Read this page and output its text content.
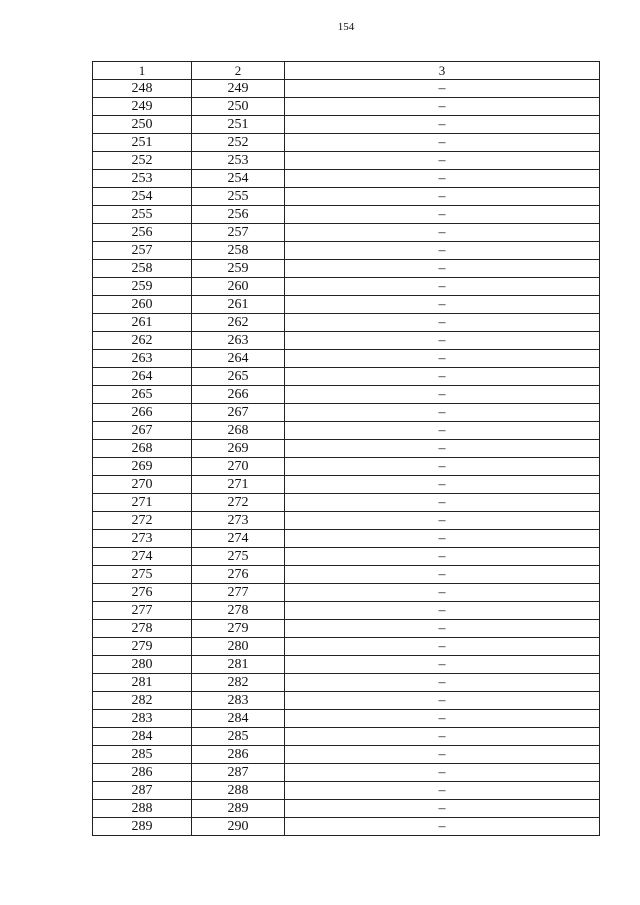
154
1	2	3
248	249	–
249	250	–
250	251	–
251	252	–
252	253	–
253	254	–
254	255	–
255	256	–
256	257	–
257	258	–
258	259	–
259	260	–
260	261	–
261	262	–
262	263	–
263	264	–
264	265	–
265	266	–
266	267	–
267	268	–
268	269	–
269	270	–
270	271	–
271	272	–
272	273	–
273	274	–
274	275	–
275	276	–
276	277	–
277	278	–
278	279	–
279	280	–
280	281	–
281	282	–
282	283	–
283	284	–
284	285	–
285	286	–
286	287	–
287	288	–
288	289	–
289	290	–
